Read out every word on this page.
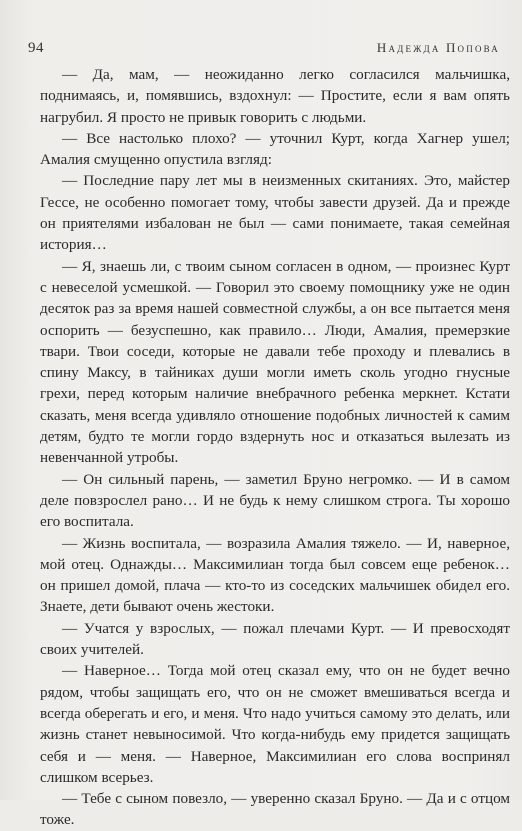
94	Надежда Попова

— Да, мам, — неожиданно легко согласился мальчишка, поднимаясь, и, помявшись, вздохнул: — Простите, если я вам опять нагрубил. Я просто не привык говорить с людьми.

— Все настолько плохо? — уточнил Курт, когда Хагнер ушел; Амалия смущенно опустила взгляд:

— Последние пару лет мы в неизменных скитаниях. Это, майстер Гессе, не особенно помогает тому, чтобы завести друзей. Да и прежде он приятелями избалован не был — сами понимаете, такая семейная история…

— Я, знаешь ли, с твоим сыном согласен в одном, — произнес Курт с невеселой усмешкой. — Говорил это своему помощнику уже не один десяток раз за время нашей совместной службы, а он все пытается меня оспорить — безуспешно, как правило… Люди, Амалия, премерзкие твари. Твои соседи, которые не давали тебе проходу и плевались в спину Максу, в тайниках души могли иметь сколь угодно гнусные грехи, перед которым наличие внебрачного ребенка меркнет. Кстати сказать, меня всегда удивляло отношение подобных личностей к самим детям, будто те могли гордо вздернуть нос и отказаться вылезать из невенчанной утробы.

— Он сильный парень, — заметил Бруно негромко. — И в самом деле повзрослел рано… И не будь к нему слишком строга. Ты хорошо его воспитала.

— Жизнь воспитала, — возразила Амалия тяжело. — И, наверное, мой отец. Однажды… Максимилиан тогда был совсем еще ребенок… он пришел домой, плача — кто-то из соседских мальчишек обидел его. Знаете, дети бывают очень жестоки.

— Учатся у взрослых, — пожал плечами Курт. — И превосходят своих учителей.

— Наверное… Тогда мой отец сказал ему, что он не будет вечно рядом, чтобы защищать его, что он не сможет вмешиваться всегда и всегда оберегать и его, и меня. Что надо учиться самому это делать, или жизнь станет невыносимой. Что когда-нибудь ему придется защищать себя и — меня. — Наверное, Максимилиан его слова воспринял слишком всерьез.

— Тебе с сыном повезло, — уверенно сказал Бруно. — Да и с отцом тоже.
